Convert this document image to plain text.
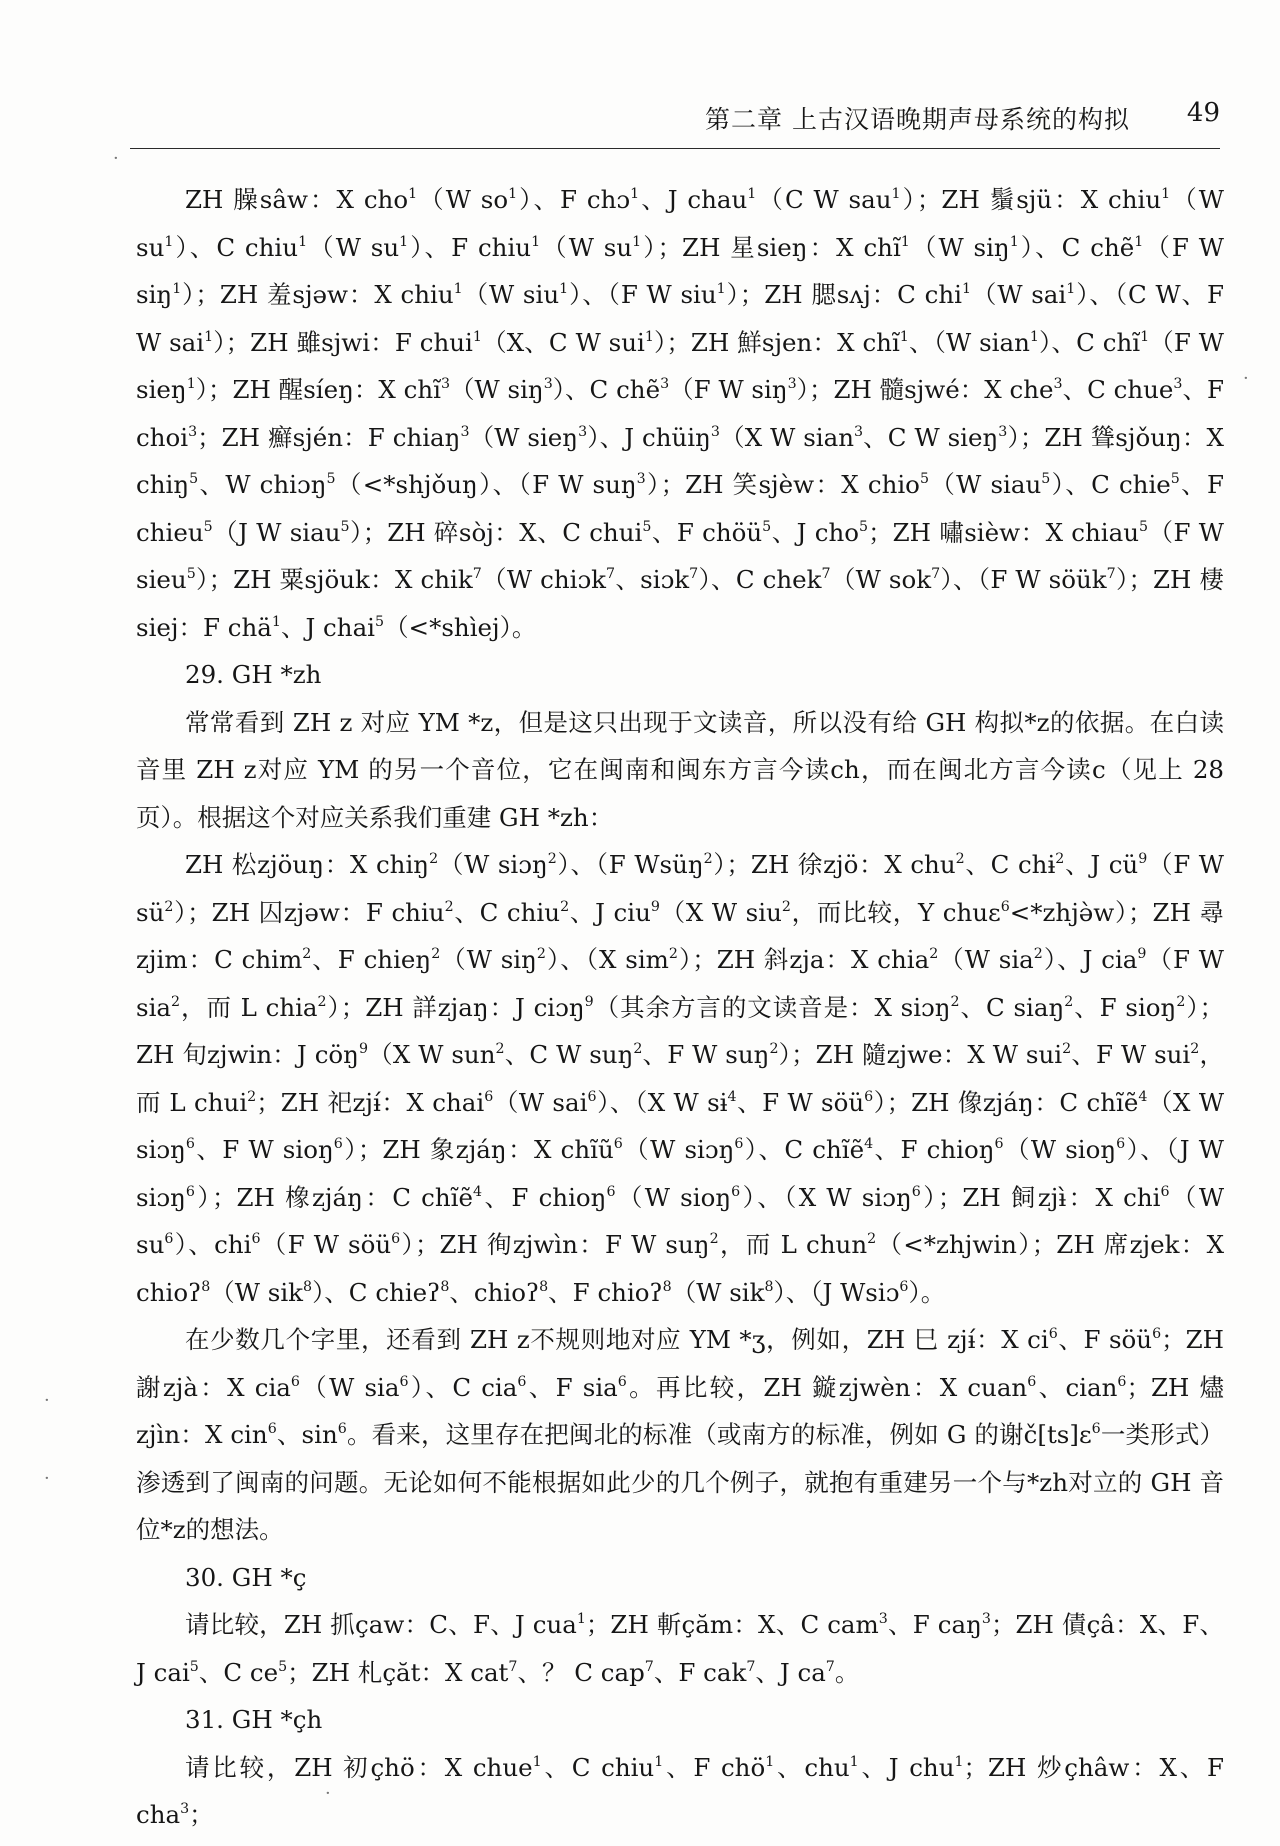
第二章 上古汉语晚期声母系统的构拟 49
·
·
·
·
·

ZH 臊sâw：X cho$^1$（W $so^1$）、F chɔ$^1$、J chau$^1$（C W sau$^1$）；ZH 鬚sjü：X chiu$^1$（W $su^1$）、C chiu$^1$（W $su^1$）、F chiu$^1$（W $su^1$）；ZH 星sieŋ：X chĩ$^1$（W siŋ$^1$）、C chẽ$^1$（F W siŋ$^1$）；ZH 羞sjəw：X chiu$^1$（W siu$^1$）、（F W siu$^1$）；ZH 腮sʌj：C chi$^1$（W sai$^1$）、（C W、F W sai$^1$）；ZH 雖sjwi：F chui$^1$（X、C W sui$^1$）；ZH 鮮sjen：X chĩ$^1$、（W sian$^1$）、C chĩ$^1$（F W sieŋ$^1$）；ZH 醒síeŋ：X chĩ$^3$（W siŋ$^3$）、C chẽ$^3$（F W siŋ$^3$）；ZH 髓sjwé：X che$^3$、C chue$^3$、F choi$^3$；ZH 癬sjén：F chiaŋ$^3$（W sieŋ$^3$）、J chüiŋ$^3$（X W sian$^3$、C W sieŋ$^3$）；ZH 聳sjǒuŋ：X chiŋ$^5$、W chiɔŋ$^5$（<*shjǒuŋ）、（F W suŋ$^3$）；ZH 笑sjèw：X chio$^5$（W siau$^5$）、C chie$^5$、F chieu$^5$（J W siau$^5$）；ZH 碎sòj：X、C chui$^5$、F chöü$^5$、J cho$^5$；ZH 嘯sièw：X chiau$^5$（F W sieu$^5$）；ZH 粟sjöuk：X chik$^7$（W chiɔk$^7$、siɔk$^7$）、C chek$^7$（W sok$^7$）、（F W söük$^7$）；ZH 棲siej：F chä$^1$、J chai$^5$（<*shìej）。

29. GH *zh

常常看到 ZH z 对应 YM *z，但是这只出现于文读音，所以没有给 GH 构拟*z的依据。在白读音里 ZH z对应 YM 的另一个音位，它在闽南和闽东方言今读ch，而在闽北方言今读c（见上 28 页）。根据这个对应关系我们重建 GH *zh：

ZH 松zjöuŋ：X chiŋ$^2$（W siɔŋ$^2$）、（F Wsüŋ$^2$）；ZH 徐zjö：X chu$^2$、C chɨ$^2$、J $cü^9(F$ W $sü^2$）；ZH 囚zjəw：F chiu$^2$、C chiu$^2$、J ciu$^9$（X W siu$^2$，而比较，Y chuɛ$^6$<*zhjə̀w）；ZH 尋zjim：C chim$^2$、F chieŋ$^2$（W siŋ$^2$）、（X sim$^2$）；ZH 斜zja：X chia$^2$（W sia$^2$）、J cia$^9$（F W sia$^2$，而 L chia$^2$）；ZH 詳zjaŋ：J ciɔŋ$^9$（其余方言的文读音是：X siɔŋ$^2$、C siaŋ$^2$、F sioŋ$^2$）；ZH 旬zjwin：J cöŋ$^9$（X W sun$^2$、C W suŋ$^2$、F W suŋ$^2$）；ZH 隨zjwe：X W sui$^2$、F W sui$^2$，而 L chui$^2$；ZH 祀zjɨ́：X chai$^6$（W sai$^6$）、（X W sɨ$^4$、F W söü$^6$）；ZH 像zjáŋ：C chĩẽ$^4$（X W siɔŋ$^6$、F W sioŋ$^6$）；ZH 象zjáŋ：X chĩũ$^6$（W siɔŋ$^6$）、C chĩẽ$^4$、F chioŋ$^6$（W sioŋ$^6$）、（J W siɔŋ$^6$）；ZH 橡zjáŋ：C chĩẽ$^4$、F chioŋ$^6$（W sioŋ$^6$）、（X W siɔŋ$^6$）；ZH 飼zjɨ̀：X chi$^6$（W $su^6$）、chi$^6$（F W söü$^6$）；ZH 徇zjwìn：F W suŋ$^2$，而 L chun$^2$（<*zhjwin）；ZH 席zjek：X chioʔ$^8$（W sik$^8$）、C chieʔ$^8$、chioʔ$^8$、F chioʔ$^8$（W sik$^8$）、（J Wsiɔ$^6$）。

在少数几个字里，还看到 ZH z不规则地对应 YM *ʒ，例如，ZH 巳 zjɨ́：X $ci^6$、F söü$^6$；ZH 謝zjà：X cia$^6$（W sia$^6$）、C cia$^6$、F sia$^6$。再比较，ZH 鏇zjwèn：X cuan$^6$、cian$^6$；ZH 燼zjìn：X cin$^6$、$\sin^6$。看来，这里存在把闽北的标准（或南方的标准，例如 G 的谢č[ts]ɛ$^6$一类形式）渗透到了闽南的问题。无论如何不能根据如此少的几个例子，就抱有重建另一个与*zh对立的 GH 音位*z的想法。

30. GH *ç

请比较，ZH 抓çaw：C、F、J cua$^1$；ZH 斬çăm：X、C cam$^3$、F caŋ$^3$；ZH 債çâ：X、F、J cai$^5$、C $ce^5$；ZH 札çăt：X cat$^7$、？ C cap$^7$、F cak$^7$、J $ca^7$。

31. GH *çh

请比较，ZH 初çhö：X chue$^1$、C chiu$^1$、F chö$^1$、chu$^1$、J chu$^1$；ZH 炒çhâw：X、F cha$^3$；
